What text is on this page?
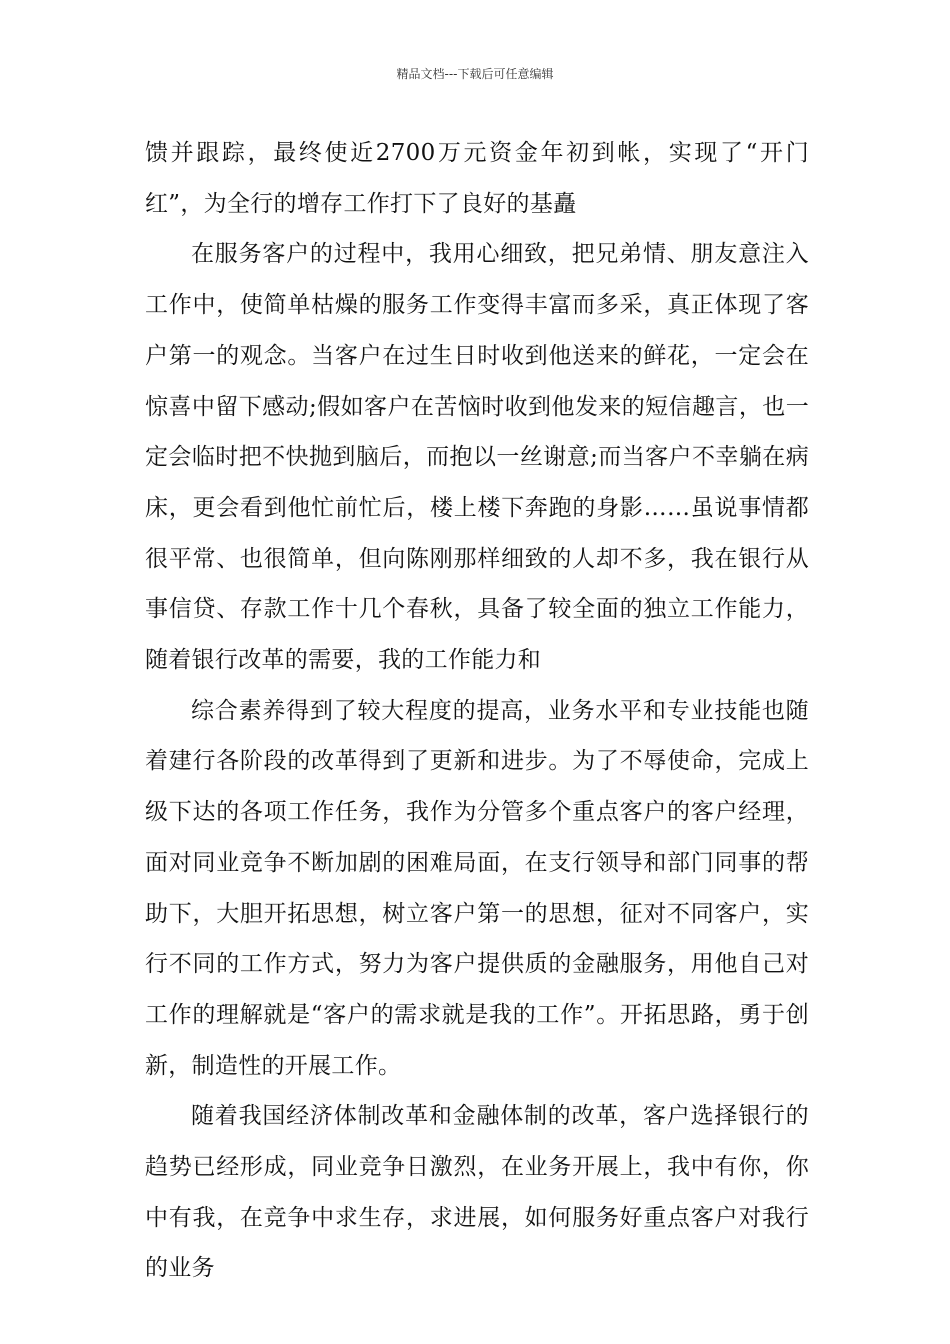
精品文档---下载后可任意编辑

馈并跟踪，最终使近2700万元资金年初到帐，实现了“开门红”，为全行的增存工作打下了良好的基矗

在服务客户的过程中，我用心细致，把兄弟情、朋友意注入工作中，使简单枯燥的服务工作变得丰富而多采，真正体现了客户第一的观念。当客户在过生日时收到他送来的鲜花，一定会在惊喜中留下感动;假如客户在苦恼时收到他发来的短信趣言，也一定会临时把不快抛到脑后，而抱以一丝谢意;而当客户不幸躺在病床，更会看到他忙前忙后，楼上楼下奔跑的身影……虽说事情都很平常、也很简单，但向陈刚那样细致的人却不多，我在银行从事信贷、存款工作十几个春秋，具备了较全面的独立工作能力，随着银行改革的需要，我的工作能力和

综合素养得到了较大程度的提高，业务水平和专业技能也随着建行各阶段的改革得到了更新和进步。为了不辱使命，完成上级下达的各项工作任务，我作为分管多个重点客户的客户经理，面对同业竞争不断加剧的困难局面，在支行领导和部门同事的帮助下，大胆开拓思想，树立客户第一的思想，征对不同客户，实行不同的工作方式，努力为客户提供质的金融服务，用他自己对工作的理解就是“客户的需求就是我的工作”。开拓思路，勇于创新，制造性的开展工作。

随着我国经济体制改革和金融体制的改革，客户选择银行的趋势已经形成，同业竞争日激烈，在业务开展上，我中有你，你中有我，在竞争中求生存，求进展，如何服务好重点客户对我行的业务
